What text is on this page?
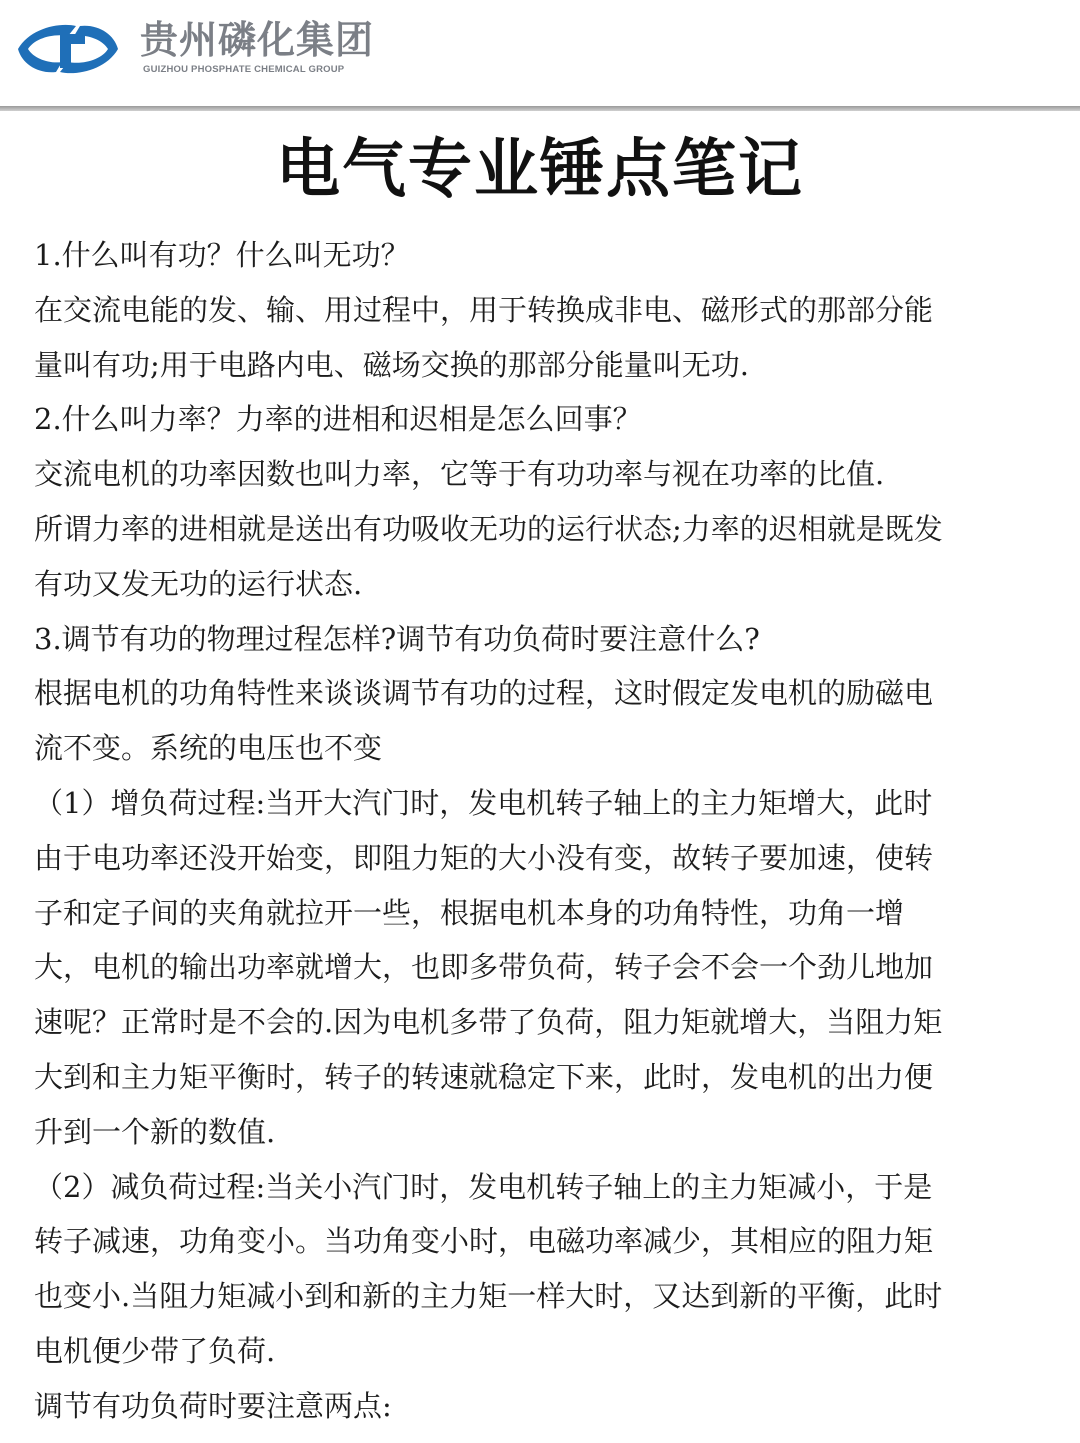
贵州磷化集团
GUIZHOU PHOSPHATE CHEMICAL GROUP
电气专业锤点笔记
1.什么叫有功？什么叫无功？
在交流电能的发、输、用过程中，用于转换成非电、磁形式的那部分能
量叫有功;用于电路内电、磁场交换的那部分能量叫无功.
2.什么叫力率？力率的进相和迟相是怎么回事？
交流电机的功率因数也叫力率，它等于有功功率与视在功率的比值.
所谓力率的进相就是送出有功吸收无功的运行状态;力率的迟相就是既发
有功又发无功的运行状态.
3.调节有功的物理过程怎样?调节有功负荷时要注意什么?
根据电机的功角特性来谈谈调节有功的过程，这时假定发电机的励磁电
流不变。系统的电压也不变
（1）增负荷过程:当开大汽门时，发电机转子轴上的主力矩增大，此时
由于电功率还没开始变，即阻力矩的大小没有变，故转子要加速，使转
子和定子间的夹角就拉开一些，根据电机本身的功角特性，功角一增
大，电机的输出功率就增大，也即多带负荷，转子会不会一个劲儿地加
速呢？正常时是不会的.因为电机多带了负荷，阻力矩就增大，当阻力矩
大到和主力矩平衡时，转子的转速就稳定下来，此时，发电机的出力便
升到一个新的数值.
（2）减负荷过程:当关小汽门时，发电机转子轴上的主力矩减小，于是
转子减速，功角变小。当功角变小时，电磁功率减少，其相应的阻力矩
也变小.当阻力矩减小到和新的主力矩一样大时，又达到新的平衡，此时
电机便少带了负荷.
调节有功负荷时要注意两点:
